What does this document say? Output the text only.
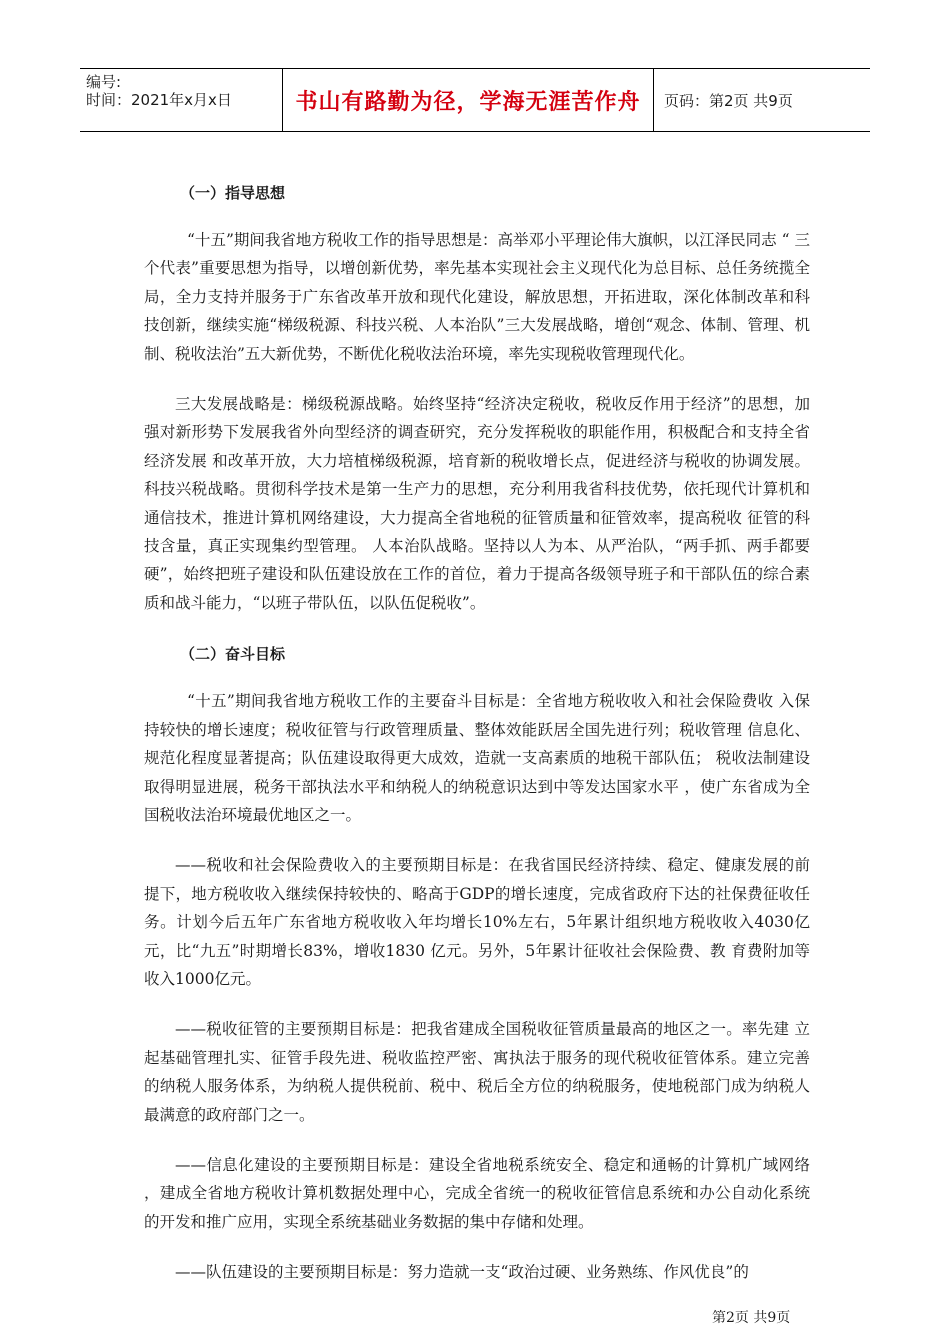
编号:
时间：2021年x月x日	书山有路勤为径，学海无涯苦作舟	页码：第2页 共9页
（一）指导思想

“十五”期间我省地方税收工作的指导思想是：高举邓小平理论伟大旗帜，以江泽民同志 “ 三个代表”重要思想为指导，以增创新优势，率先基本实现社会主义现代化为总目标、总任务统揽全局，全力支持并服务于广东省改革开放和现代化建设，解放思想，开拓进取，深化体制改革和科技创新，继续实施“梯级税源、科技兴税、人本治队”三大发展战略，增创“观念、体制、管理、机制、税收法治”五大新优势，不断优化税收法治环境，率先实现税收管理现代化。

三大发展战略是：梯级税源战略。始终坚持“经济决定税收，税收反作用于经济”的思想，加强对新形势下发展我省外向型经济的调查研究，充分发挥税收的职能作用，积极配合和支持全省经济发展 和改革开放，大力培植梯级税源，培育新的税收增长点，促进经济与税收的协调发展。 科技兴税战略。贯彻科学技术是第一生产力的思想，充分利用我省科技优势，依托现代计算机和通信技术，推进计算机网络建设，大力提高全省地税的征管质量和征管效率，提高税收 征管的科技含量，真正实现集约型管理。 人本治队战略。坚持以人为本、从严治队，“两手抓、两手都要硬”，始终把班子建设和队伍建设放在工作的首位，着力于提高各级领导班子和干部队伍的综合素质和战斗能力，“以班子带队伍，以队伍促税收”。

（二）奋斗目标

“十五”期间我省地方税收工作的主要奋斗目标是：全省地方税收收入和社会保险费收 入保持较快的增长速度；税收征管与行政管理质量、整体效能跃居全国先进行列；税收管理 信息化、规范化程度显著提高；队伍建设取得更大成效，造就一支高素质的地税干部队伍； 税收法制建设取得明显进展，税务干部执法水平和纳税人的纳税意识达到中等发达国家水平 ，使广东省成为全国税收法治环境最优地区之一。

——税收和社会保险费收入的主要预期目标是：在我省国民经济持续、稳定、健康发展的前提下，地方税收收入继续保持较快的、略高于GDP的增长速度，完成省政府下达的社保费征收任务。计划今后五年广东省地方税收收入年均增长10%左右，5年累计组织地方税收收入4030亿元，比“九五”时期增长83%，增收1830 亿元。另外，5年累计征收社会保险费、教 育费附加等收入1000亿元。

——税收征管的主要预期目标是：把我省建成全国税收征管质量最高的地区之一。率先建 立起基础管理扎实、征管手段先进、税收监控严密、寓执法于服务的现代税收征管体系。建立完善的纳税人服务体系，为纳税人提供税前、税中、税后全方位的纳税服务，使地税部门成为纳税人最满意的政府部门之一。

——信息化建设的主要预期目标是：建设全省地税系统安全、稳定和通畅的计算机广域网络 ，建成全省地方税收计算机数据处理中心，完成全省统一的税收征管信息系统和办公自动化系统的开发和推广应用，实现全系统基础业务数据的集中存储和处理。

——队伍建设的主要预期目标是：努力造就一支“政治过硬、业务熟练、作风优良”的

第2页 共9页
